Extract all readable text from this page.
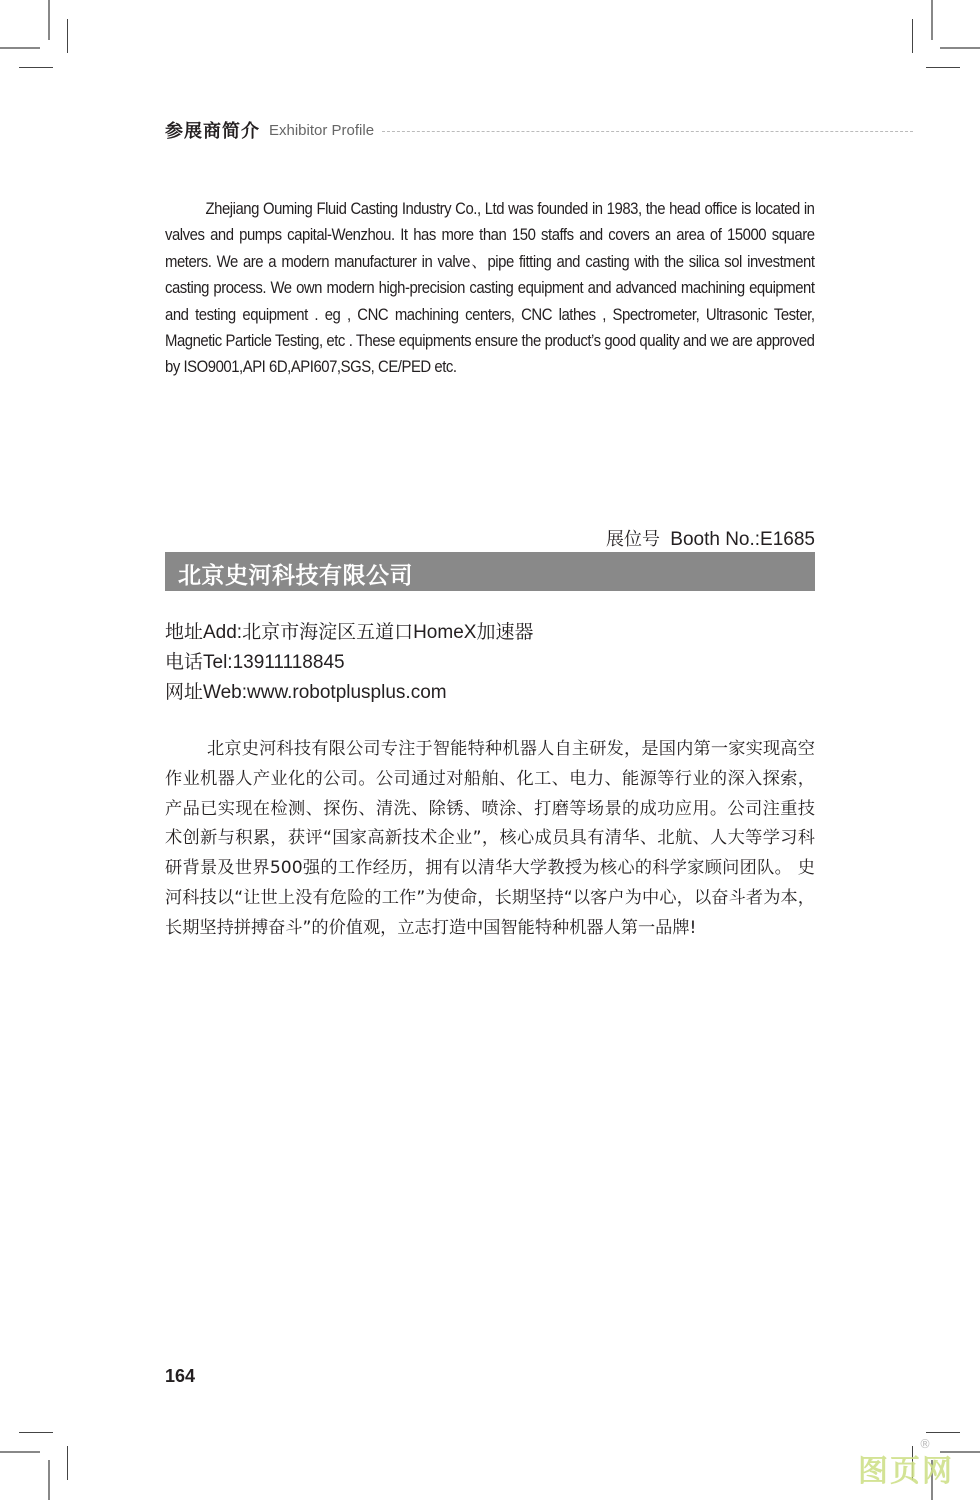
参展商简介 Exhibitor Profile

Zhejiang Ouming Fluid Casting Industry Co., Ltd was founded in 1983, the head office is located in valves and pumps capital-Wenzhou. It has more than 150 staffs and covers an area of 15000 square meters. We are a modern manufacturer in valve、pipe fitting and casting with the silica sol investment casting process. We own modern high-precision casting equipment and advanced machining equipment and testing equipment . eg , CNC machining centers, CNC lathes , Spectrometer, Ultrasonic Tester, Magnetic Particle Testing, etc . These equipments ensure the product’s good quality and we are approved by ISO9001,API 6D,API607,SGS, CE/PED etc.

展位号 Booth No.:E1685
北京史河科技有限公司
地址Add:北京市海淀区五道口HomeX加速器
电话Tel:13911118845
网址Web:www.robotplusplus.com

北京史河科技有限公司专注于智能特种机器人自主研发，是国内第一家实现高空作业机器人产业化的公司。公司通过对船舶、化工、电力、能源等行业的深入探索，产品已实现在检测、探伤、清洗、除锈、喷涂、打磨等场景的成功应用。公司注重技术创新与积累，获评“国家高新技术企业”，核心成员具有清华、北航、人大等学习科研背景及世界500强的工作经历，拥有以清华大学教授为核心的科学家顾问团队。 史河科技以“让世上没有危险的工作”为使命，长期坚持“以客户为中心，以奋斗者为本，长期坚持拼搏奋斗”的价值观，立志打造中国智能特种机器人第一品牌!

164
图页网
®
